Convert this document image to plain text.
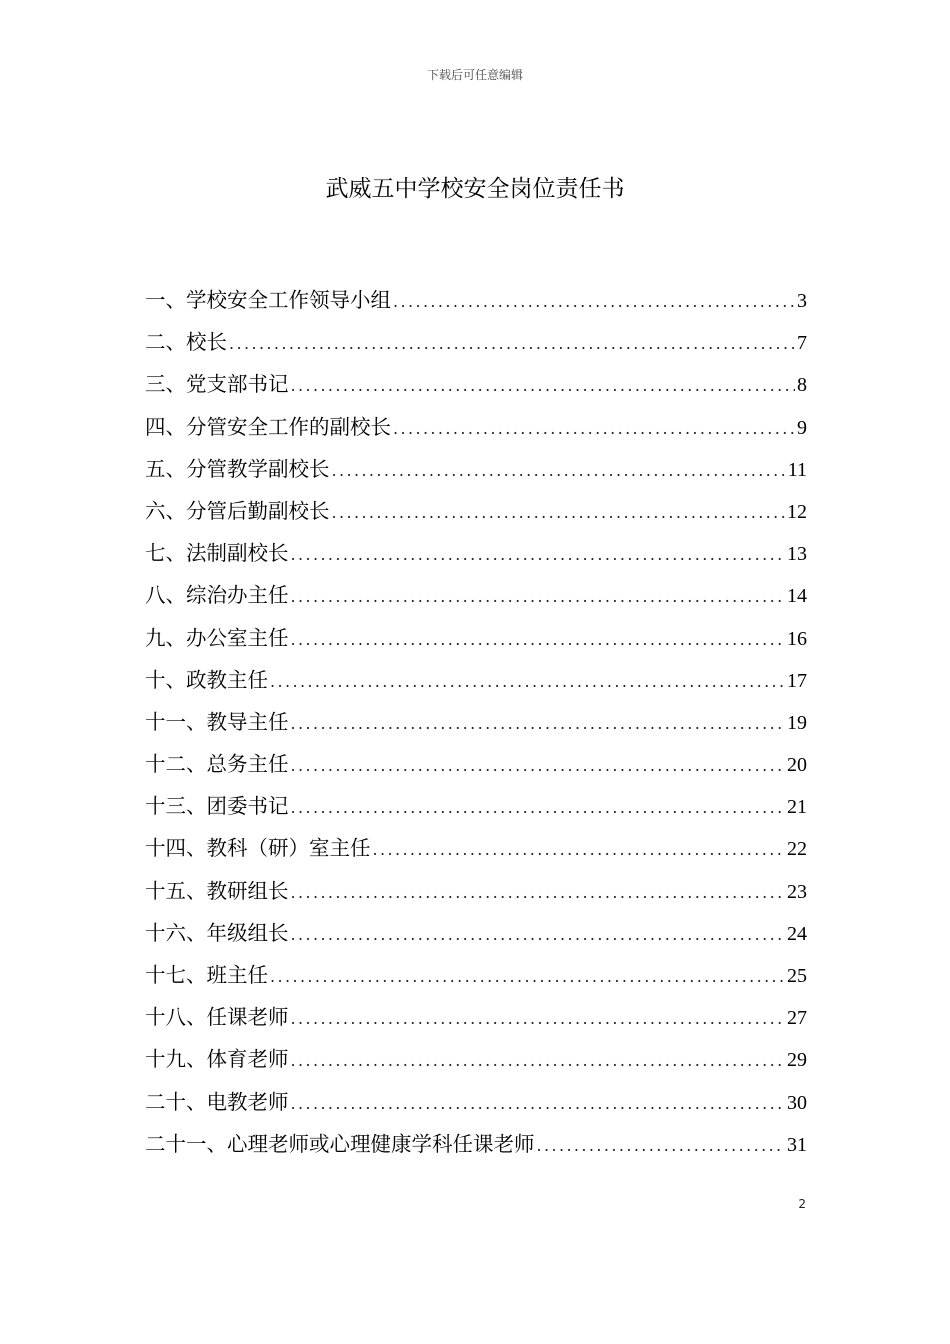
下载后可任意编辑
武威五中学校安全岗位责任书
一、 学校安全工作领导小组 .....	3
二、 校长 .....	7
三、 党支部书记 .....	8
四、 分管安全工作的副校长 .....	9
五、 分管教学副校长 .....	11
六、 分管后勤副校长 .....	12
七、 法制副校长 .....	13
八、 综治办主任 .....	14
九、 办公室主任 .....	16
十、 政教主任 .....	17
十一、 教导主任 .....	19
十二、 总务主任 .....	20
十三、 团委书记 .....	21
十四、 教科（研）室主任 .....	22
十五、 教研组长 .....	23
十六、 年级组长 .....	24
十七、 班主任 .....	25
十八、 任课老师 .....	27
十九、 体育老师 .....	29
二十、 电教老师 .....	30
二十一、 心理老师或心理健康学科任课老师 .....	31
2
